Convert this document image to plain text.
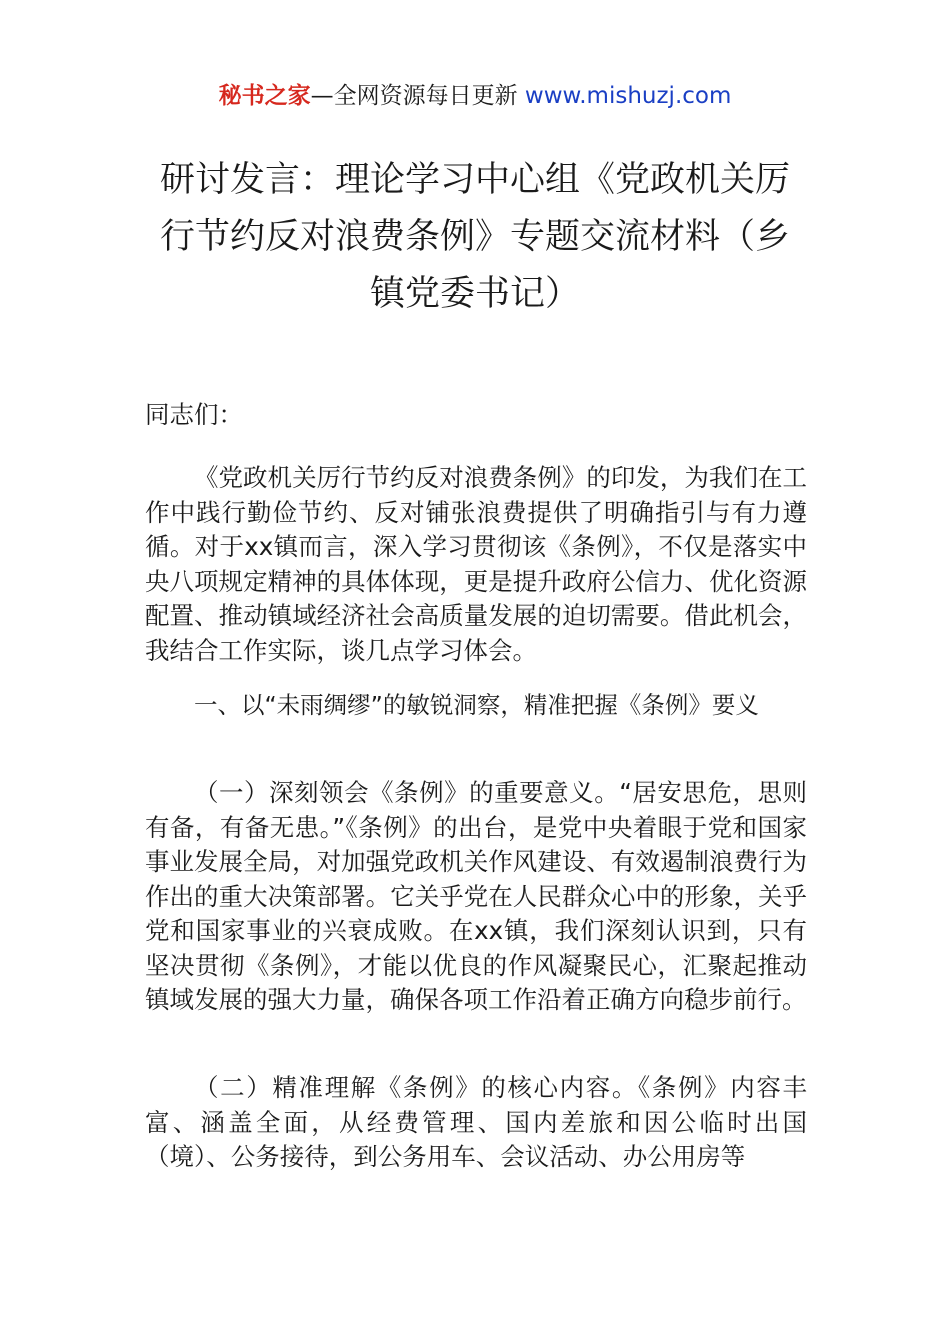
秘书之家—全网资源每日更新 www.mishuzj.com
研讨发言：理论学习中心组《党政机关厉行节约反对浪费条例》专题交流材料（乡镇党委书记）

同志们：

《党政机关厉行节约反对浪费条例》的印发，为我们在工作中践行勤俭节约、反对铺张浪费提供了明确指引与有力遵循。对于xx镇而言，深入学习贯彻该《条例》，不仅是落实中央八项规定精神的具体体现，更是提升政府公信力、优化资源配置、推动镇域经济社会高质量发展的迫切需要。借此机会，我结合工作实际，谈几点学习体会。

一、以“未雨绸缪”的敏锐洞察，精准把握《条例》要义

（一）深刻领会《条例》的重要意义。“居安思危，思则有备，有备无患。”《条例》的出台，是党中央着眼于党和国家事业发展全局，对加强党政机关作风建设、有效遏制浪费行为作出的重大决策部署。它关乎党在人民群众心中的形象，关乎党和国家事业的兴衰成败。在xx镇，我们深刻认识到，只有坚决贯彻《条例》，才能以优良的作风凝聚民心，汇聚起推动镇域发展的强大力量，确保各项工作沿着正确方向稳步前行。

（二）精准理解《条例》的核心内容。《条例》内容丰富、涵盖全面，从经费管理、国内差旅和因公临时出国（境）、公务接待，到公务用车、会议活动、办公用房等
